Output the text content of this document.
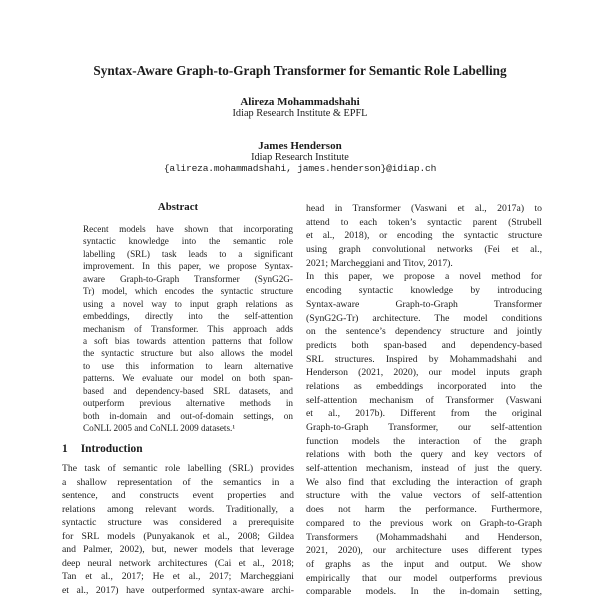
Syntax-Aware Graph-to-Graph Transformer for Semantic Role Labelling
Alireza Mohammadshahi
Idiap Research Institute & EPFL
James Henderson
Idiap Research Institute
{alireza.mohammadshahi, james.henderson}@idiap.ch
Abstract
Recent models have shown that incorporating
syntactic knowledge into the semantic role
labelling (SRL) task leads to a significant
improvement. In this paper, we propose Syntax-
aware Graph-to-Graph Transformer (SynG2G-
Tr) model, which encodes the syntactic structure
using a novel way to input graph relations as
embeddings, directly into the self-attention
mechanism of Transformer. This approach adds
a soft bias towards attention patterns that follow
the syntactic structure but also allows the model
to use this information to learn alternative
patterns. We evaluate our model on both span-
based and dependency-based SRL datasets, and
outperform previous alternative methods in
both in-domain and out-of-domain settings, on
CoNLL 2005 and CoNLL 2009 datasets.¹
1 Introduction
The task of semantic role labelling (SRL) provides
a shallow representation of the semantics in a
sentence, and constructs event properties and
relations among relevant words. Traditionally, a
syntactic structure was considered a prerequisite
for SRL models (Punyakanok et al., 2008; Gildea
and Palmer, 2002), but, newer models that leverage
deep neural network architectures (Cai et al., 2018;
Tan et al., 2017; He et al., 2017; Marcheggiani
et al., 2017) have outperformed syntax-aware archi-
head in Transformer (Vaswani et al., 2017a) to
attend to each token’s syntactic parent (Strubell
et al., 2018), or encoding the syntactic structure
using graph convolutional networks (Fei et al.,
2021; Marcheggiani and Titov, 2017).
In this paper, we propose a novel method for
encoding syntactic knowledge by introducing
Syntax-aware Graph-to-Graph Transformer
(SynG2G-Tr) architecture. The model conditions
on the sentence’s dependency structure and jointly
predicts both span-based and dependency-based
SRL structures. Inspired by Mohammadshahi and
Henderson (2021, 2020), our model inputs graph
relations as embeddings incorporated into the
self-attention mechanism of Transformer (Vaswani
et al., 2017b). Different from the original
Graph-to-Graph Transformer, our self-attention
function models the interaction of the graph
relations with both the query and key vectors of
self-attention mechanism, instead of just the query.
We also find that excluding the interaction of graph
structure with the value vectors of self-attention
does not harm the performance. Furthermore,
compared to the previous work on Graph-to-Graph
Transformers (Mohammadshahi and Henderson,
2021, 2020), our architecture uses different types
of graphs as the input and output. We show
empirically that our model outperforms previous
comparable models. In the in-domain setting,
